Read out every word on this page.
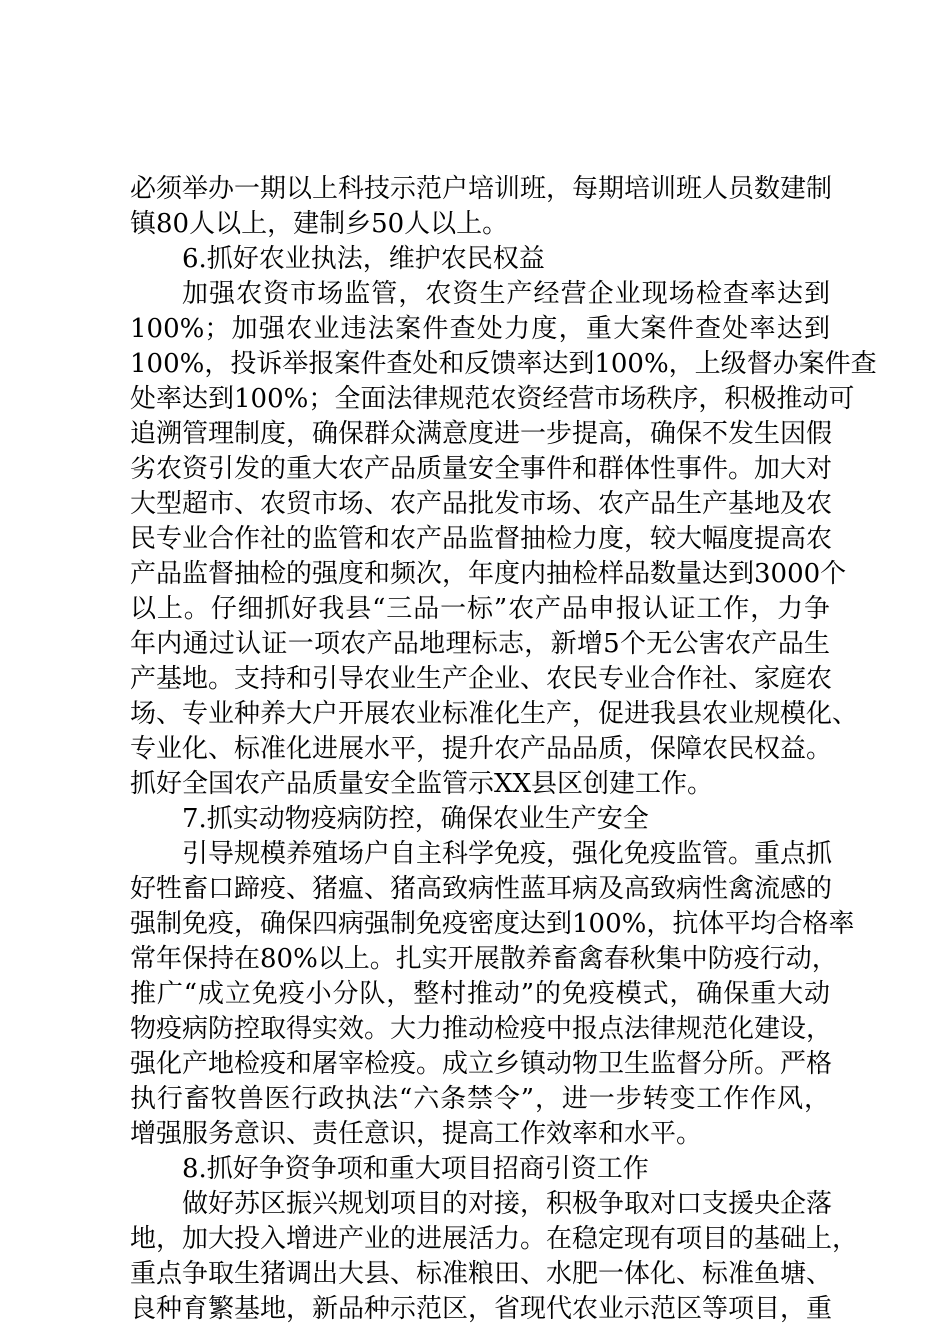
必须举办一期以上科技示范户培训班，每期培训班人员数建制
镇80人以上，建制乡50人以上。
6.抓好农业执法，维护农民权益
加强农资市场监管，农资生产经营企业现场检查率达到
100%；加强农业违法案件查处力度，重大案件查处率达到
100%，投诉举报案件查处和反馈率达到100%，上级督办案件查
处率达到100%；全面法律规范农资经营市场秩序，积极推动可
追溯管理制度，确保群众满意度进一步提高，确保不发生因假
劣农资引发的重大农产品质量安全事件和群体性事件。加大对
大型超市、农贸市场、农产品批发市场、农产品生产基地及农
民专业合作社的监管和农产品监督抽检力度，较大幅度提高农
产品监督抽检的强度和频次，年度内抽检样品数量达到3000个
以上。仔细抓好我县“三品一标”农产品申报认证工作，力争
年内通过认证一项农产品地理标志，新增5个无公害农产品生
产基地。支持和引导农业生产企业、农民专业合作社、家庭农
场、专业种养大户开展农业标准化生产，促进我县农业规模化、
专业化、标准化进展水平，提升农产品品质，保障农民权益。
抓好全国农产品质量安全监管示XX县区创建工作。
7.抓实动物疫病防控，确保农业生产安全
引导规模养殖场户自主科学免疫，强化免疫监管。重点抓
好牲畜口蹄疫、猪瘟、猪高致病性蓝耳病及高致病性禽流感的
强制免疫，确保四病强制免疫密度达到100%，抗体平均合格率
常年保持在80%以上。扎实开展散养畜禽春秋集中防疫行动，
推广“成立免疫小分队，整村推动”的免疫模式，确保重大动
物疫病防控取得实效。大力推动检疫中报点法律规范化建设，
强化产地检疫和屠宰检疫。成立乡镇动物卫生监督分所。严格
执行畜牧兽医行政执法“六条禁令”，进一步转变工作作风，
增强服务意识、责任意识，提高工作效率和水平。
8.抓好争资争项和重大项目招商引资工作
做好苏区振兴规划项目的对接，积极争取对口支援央企落
地，加大投入增进产业的进展活力。在稳定现有项目的基础上，
重点争取生猪调出大县、标准粮田、水肥一体化、标准鱼塘、
良种育繁基地，新品种示范区，省现代农业示范区等项目，重
